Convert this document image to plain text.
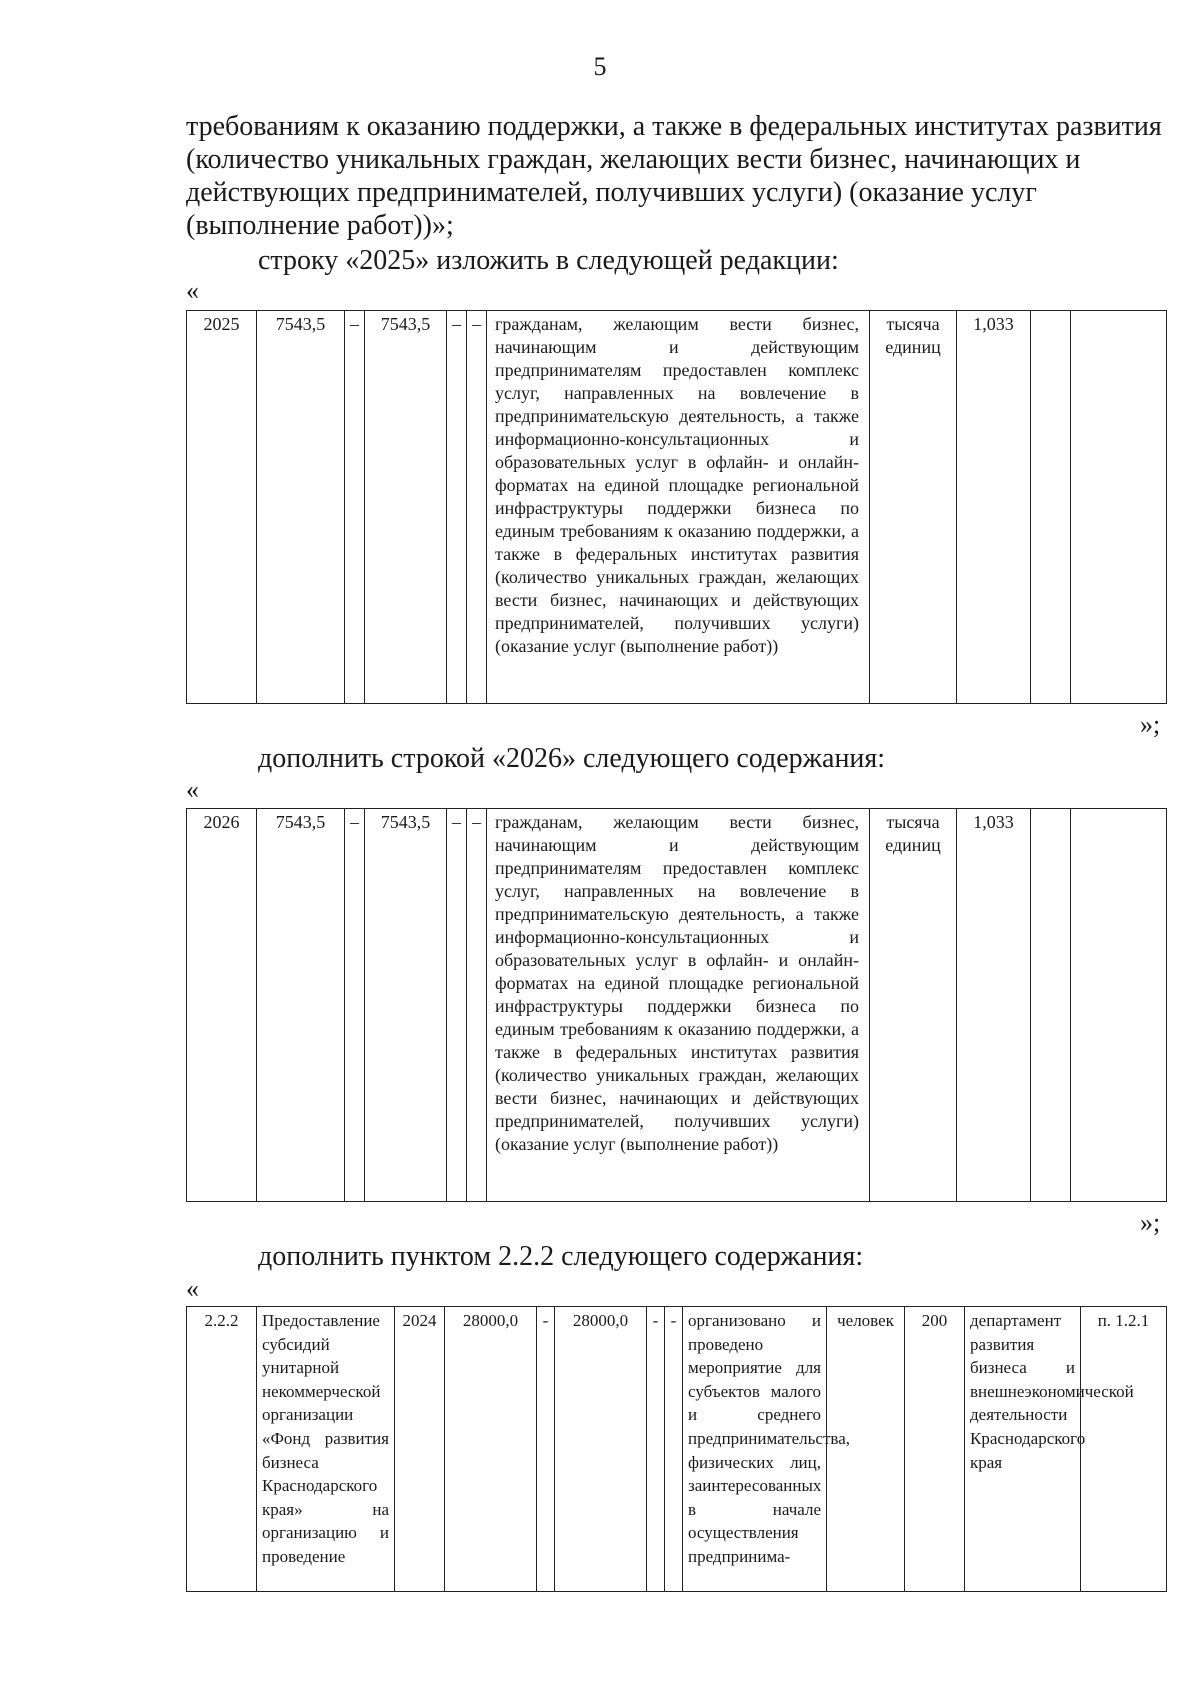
5

требованиям к оказанию поддержки, а также в федеральных институтах развития

(количество уникальных граждан, желающих вести бизнес, начинающих и

действующих предпринимателей, получивших услуги) (оказание услуг

(выполнение работ))»;

строку «2025» изложить в следующей редакции:
«
2025	7543,5	–	7543,5	–	–	гражданам, желающим вести бизнес, начинающим и действующим предпринимателям предоставлен комплекс услуг, направленных на вовлечение в предпринимательскую деятельность, а также информационно-консультационных и образовательных услуг в офлайн- и онлайн-форматах на единой площадке региональной инфраструктуры поддержки бизнеса по единым требованиям к оказанию поддержки, а также в федеральных институтах развития (количество уникальных граждан, желающих вести бизнес, начинающих и действующих предпринимателей, получивших услуги) (оказание услуг (выполнение работ))	тысяча единиц	1,033		
»;
дополнить строкой «2026» следующего содержания:
«
2026	7543,5	–	7543,5	–	–	гражданам, желающим вести бизнес, начинающим и действующим предпринимателям предоставлен комплекс услуг, направленных на вовлечение в предпринимательскую деятельность, а также информационно-консультационных и образовательных услуг в офлайн- и онлайн-форматах на единой площадке региональной инфраструктуры поддержки бизнеса по единым требованиям к оказанию поддержки, а также в федеральных институтах развития (количество уникальных граждан, желающих вести бизнес, начинающих и действующих предпринимателей, получивших услуги) (оказание услуг (выполнение работ))	тысяча единиц	1,033		
»;
дополнить пунктом 2.2.2 следующего содержания:
«
2.2.2	Предоставление субсидий унитарной некоммерческой организации «Фонд развития бизнеса Краснодарского края» на организацию и проведение	2024	28000,0	-	28000,0	-	-	организовано и проведено мероприятие для субъектов малого и среднего предпринимательства, физических лиц, заинтересованных в начале осуществления предпринима-	человек	200	департамент развития бизнеса и внешнеэкономической деятельности Краснодарского края	п. 1.2.1
